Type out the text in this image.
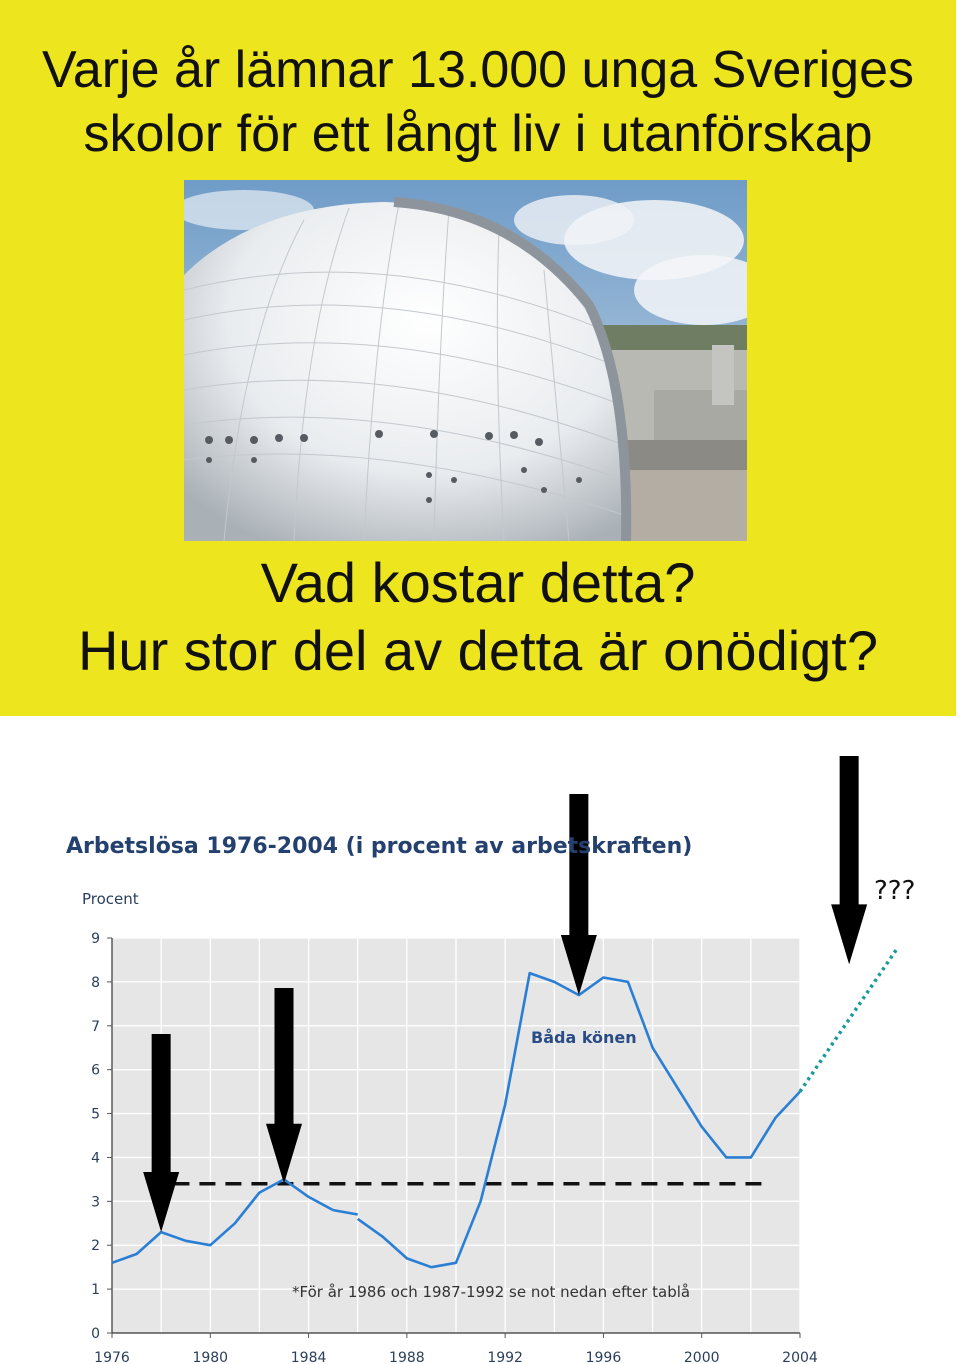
Varje år lämnar 13.000 unga Sveriges
skolor för ett långt liv i utanförskap
Vad kostar detta?
Hur stor del av detta är onödigt?
0
1
2
3
4
5
6
7
8
9
1976	1980	1984	1988	1992	1996	2000	2004
Arbetslösa 1976-2004 (i procent av arbetskraften)
Procent
Båda könen
???
*För år 1986 och 1987-1992 se not nedan efter tablå
